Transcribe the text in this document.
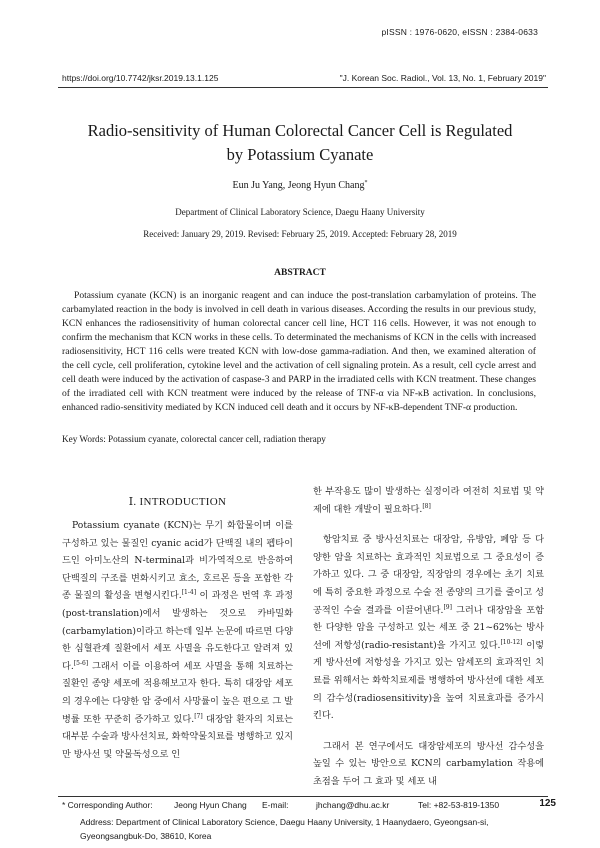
pISSN : 1976-0620, eISSN : 2384-0633
https://doi.org/10.7742/jksr.2019.13.1.125	"J. Korean Soc. Radiol., Vol. 13, No. 1, February 2019"
Radio-sensitivity of Human Colorectal Cancer Cell is Regulated
by Potassium Cyanate
Eun Ju Yang, Jeong Hyun Chang*
Department of Clinical Laboratory Science, Daegu Haany University
Received: January 29, 2019. Revised: February 25, 2019. Accepted: February 28, 2019
ABSTRACT
Potassium cyanate (KCN) is an inorganic reagent and can induce the post-translation carbamylation of proteins. The carbamylated reaction in the body is involved in cell death in various diseases. According the results in our previous study, KCN enhances the radiosensitivity of human colorectal cancer cell line, HCT 116 cells. However, it was not enough to confirm the mechanism that KCN works in these cells. To determinated the mechanisms of KCN in the cells with increased radiosensitivity, HCT 116 cells were treated KCN with low-dose gamma-radiation. And then, we examined alteration of the cell cycle, cell proliferation, cytokine level and the activation of cell signaling protein. As a result, cell cycle arrest and cell death were induced by the activation of caspase-3 and PARP in the irradiated cells with KCN treatment. These changes of the irradiated cell with KCN treatment were induced by the release of TNF-α via NF-κB activation. In conclusions, enhanced radio-sensitivity mediated by KCN induced cell death and it occurs by NF-κB-dependent TNF-α production.
Key Words: Potassium cyanate, colorectal cancer cell, radiation therapy
Ⅰ. INTRODUCTION
Potassium cyanate (KCN)는 무기 화합물이며 이를 구성하고 있는 물질인 cyanic acid가 단백질 내의 펩타이드인 아미노산의 N-terminal과 비가역적으로 반응하여 단백질의 구조를 변화시키고 효소, 호르몬 등을 포함한 각종 물질의 활성을 변형시킨다.[1-4] 이 과정은 번역 후 과정(post-translation)에서 발생하는 것으로 카바밀화(carbamylation)이라고 하는데 일부 논문에 따르면 다양한 심혈관계 질환에서 세포 사멸을 유도한다고 알려져 있다.[5-6] 그래서 이를 이용하여 세포 사멸을 통해 치료하는 질환인 종양 세포에 적용해보고자 한다. 특히 대장암 세포의 경우에는 다양한 암 중에서 사망률이 높은 편으로 그 발병률 또한 꾸준히 증가하고 있다.[7] 대장암 환자의 치료는 대부분 수술과 방사선치료, 화학약물치료를 병행하고 있지만 방사선 및 약물독성으로 인

한 부작용도 많이 발생하는 실정이라 여전히 치료법 및 약제에 대한 개발이 필요하다.[8]

항암치료 중 방사선치료는 대장암, 유방암, 폐암 등 다양한 암을 치료하는 효과적인 치료법으로 그 중요성이 증가하고 있다. 그 중 대장암, 직장암의 경우에는 초기 치료에 특히 중요한 과정으로 수술 전 종양의 크기를 줄이고 성공적인 수술 결과를 이끌어낸다.[9] 그러나 대장암을 포함한 다양한 암을 구성하고 있는 세포 중 21~62%는 방사선에 저항성(radio-resistant)을 가지고 있다.[10-12] 이렇게 방사선에 저항성을 가지고 있는 암세포의 효과적인 치료를 위해서는 화학치료제를 병행하여 방사선에 대한 세포의 감수성(radiosensitivity)을 높여 치료효과를 증가시킨다.

그래서 본 연구에서도 대장암세포의 방사선 감수성을 높일 수 있는 방안으로 KCN의 carbamylation 작용에 초점을 두어 그 효과 및 세포 내

125
* Corresponding Author:	Jeong Hyun Chang E-mail:	jhchang@dhu.ac.kr	Tel: +82-53-819-1350
Address: Department of Clinical Laboratory Science, Daegu Haany University, 1 Haanydaero, Gyeongsan-si, Gyeongsangbuk-Do, 38610, Korea
